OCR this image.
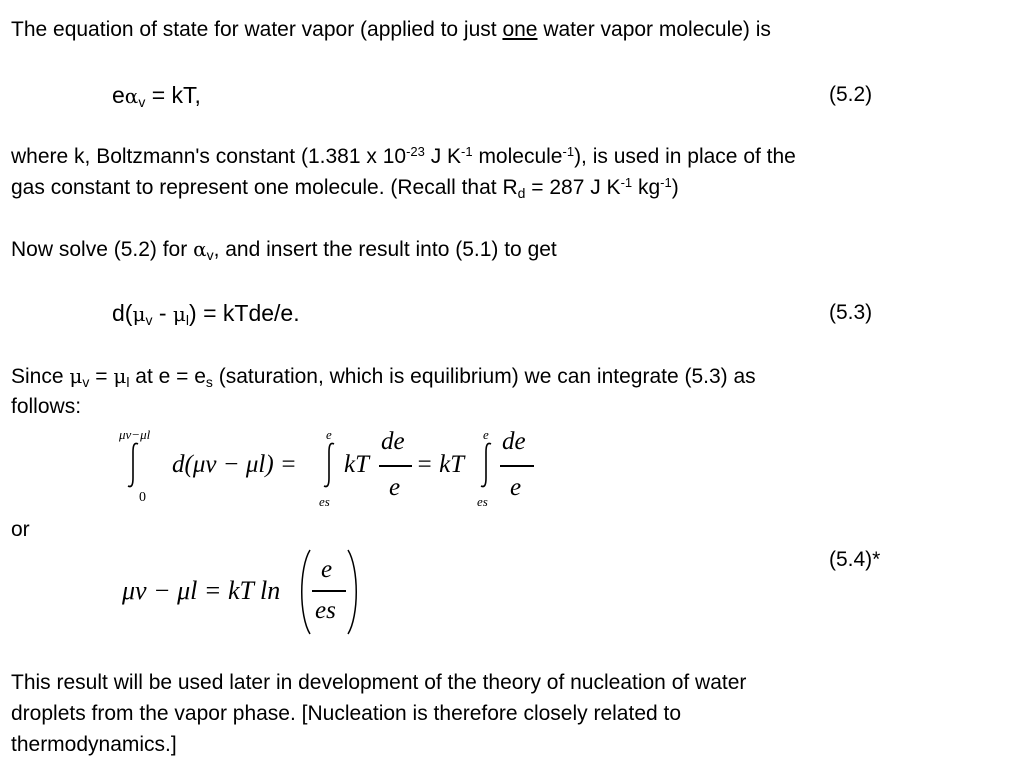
The equation of state for water vapor (applied to just one water vapor molecule) is
$e\alpha_v$ = kT,	(5.2)
where k, Boltzmann's constant (1.381 x $10^{-23}$ J $K^{-1}$ molecule$^{-1}$), is used in place of the
gas constant to represent one molecule. (Recall that $R_d = 287$ J $K^{-1}$ $kg^{-1}$)
Now solve (5.2) for $\alpha_v$, and insert the result into (5.1) to get
$d(\mu_v - \mu_l)$ = kTde/e.	(5.3)
Since $\mu_v = \mu_l$ at $e = e_s$ (saturation, which is equilibrium) we can integrate (5.3) as
follows:
μv−μl
0
d(μv − μl) =
e
es
kT
de
e
= kT
e
es
de
e
or
μv − μl = kT ln
e
es
(5.4)*
This result will be used later in development of the theory of nucleation of water
droplets from the vapor phase. [Nucleation is therefore closely related to
thermodynamics.]
